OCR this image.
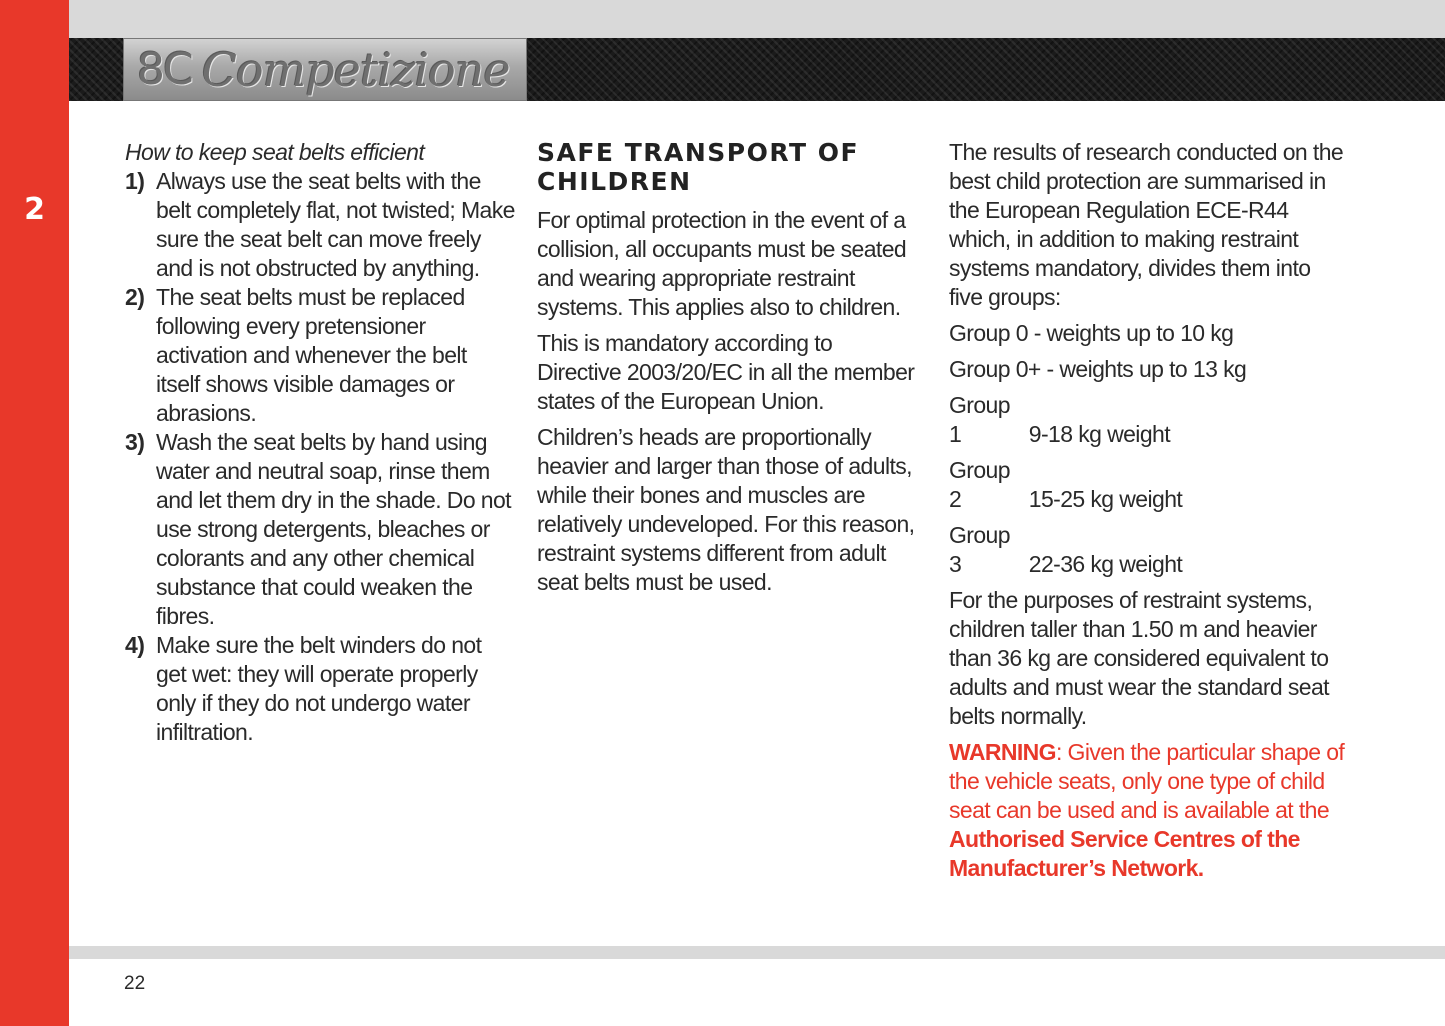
2
8C Competizione
How to keep seat belts efficient
1) Always use the seat belts with the belt completely flat, not twisted; Make sure the seat belt can move freely and is not obstructed by anything.
2) The seat belts must be replaced following every pretensioner activation and whenever the belt itself shows visible damages or abrasions.
3) Wash the seat belts by hand using water and neutral soap, rinse them and let them dry in the shade. Do not use strong detergents, bleaches or colorants and any other chemical substance that could weaken the fibres.
4) Make sure the belt winders do not get wet: they will operate properly only if they do not undergo water infiltration.
SAFE TRANSPORT OF CHILDREN

For optimal protection in the event of a collision, all occupants must be seated and wearing appropriate restraint systems. This applies also to children.

This is mandatory according to Directive 2003/20/EC in all the member states of the European Union.

Children’s heads are proportionally heavier and larger than those of adults, while their bones and muscles are relatively undeveloped. For this reason, restraint systems different from adult seat belts must be used.

The results of research conducted on the best child protection are summarised in the European Regulation ECE-R44 which, in addition to making restraint systems mandatory, divides them into five groups:

Group 0 - weights up to 10 kg
Group 0+ - weights up to 13 kg
Group 1	9-18 kg weight
Group 2	15-25 kg weight
Group 3	22-36 kg weight

For the purposes of restraint systems, children taller than 1.50 m and heavier than 36 kg are considered equivalent to adults and must wear the standard seat belts normally.

WARNING: Given the particular shape of the vehicle seats, only one type of child seat can be used and is available at the Authorised Service Centres of the Manufacturer’s Network.

22
